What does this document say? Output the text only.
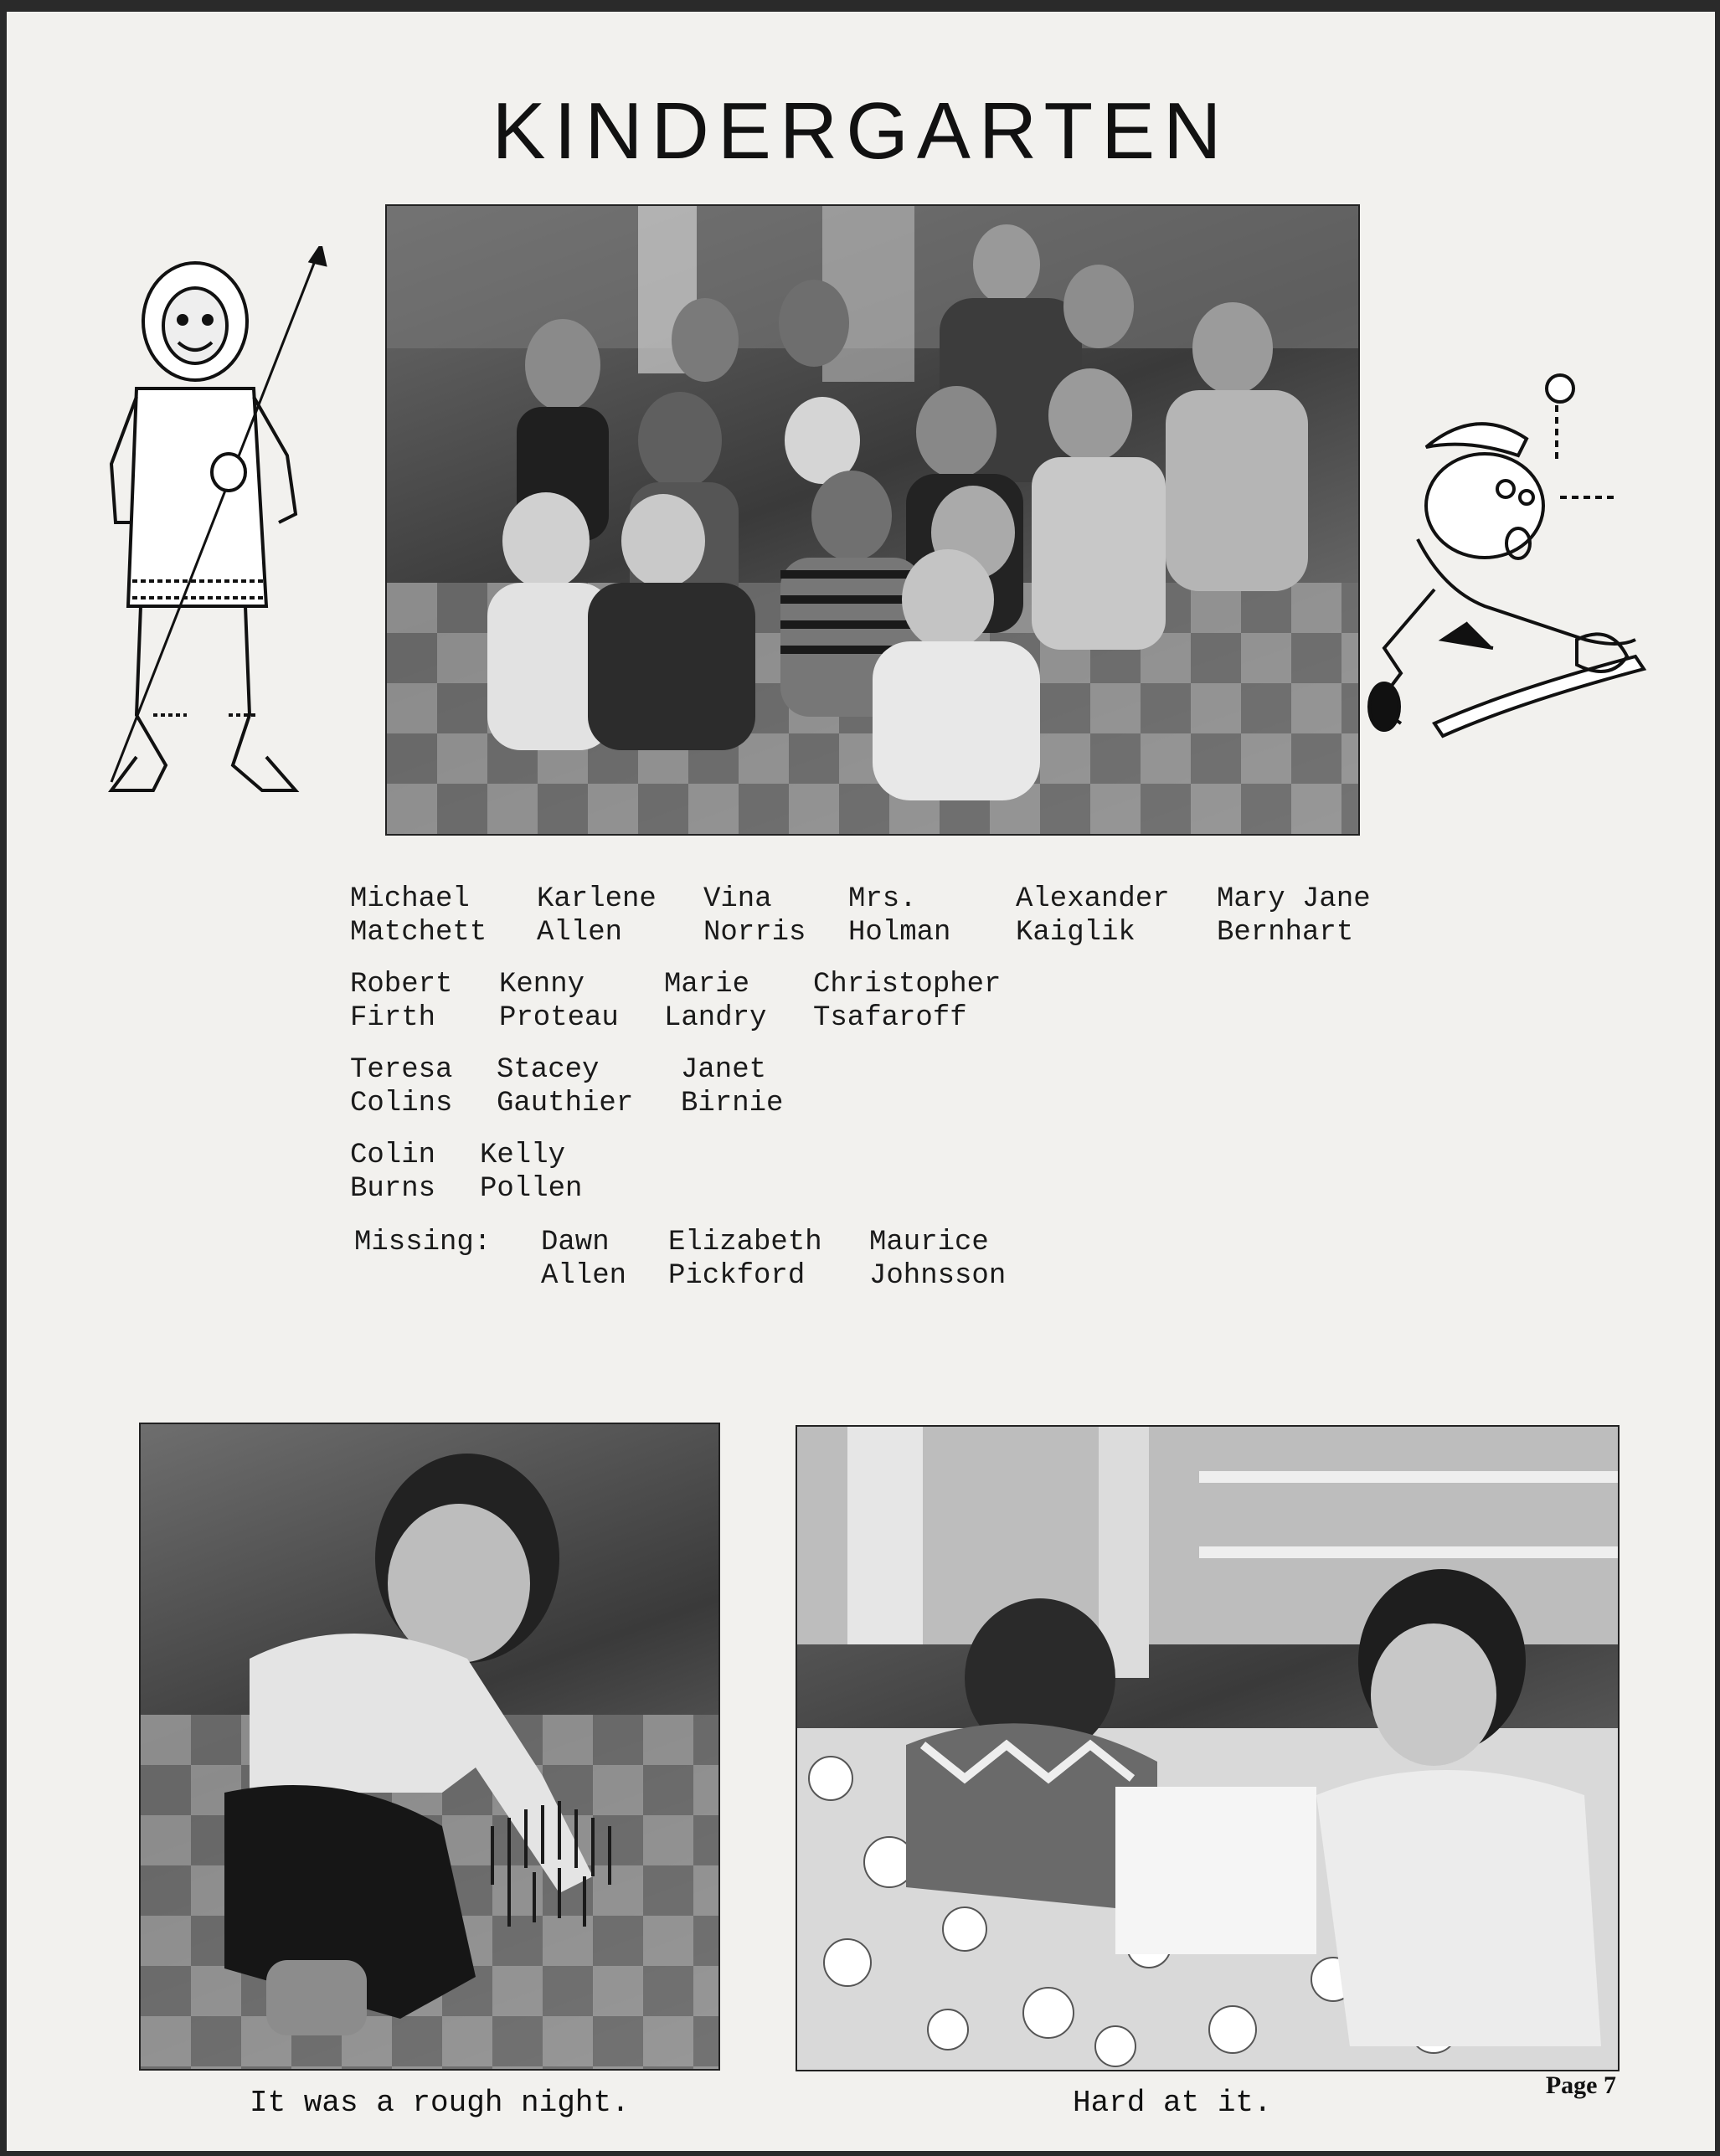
KINDERGARTEN
Michael
Matchett
Karlene
Allen
Vina
Norris
Mrs.
Holman
Alexander
Kaiglik
Mary Jane
Bernhart
Robert
Firth
Kenny
Proteau
Marie
Landry
Christopher
Tsafaroff
Teresa
Colins
Stacey
Gauthier
Janet
Birnie
Colin
Burns
Kelly
Pollen
Missing: Dawn
Allen
Elizabeth
Pickford
Maurice
Johnsson
It was a rough night.	Hard at it.
Page 7
